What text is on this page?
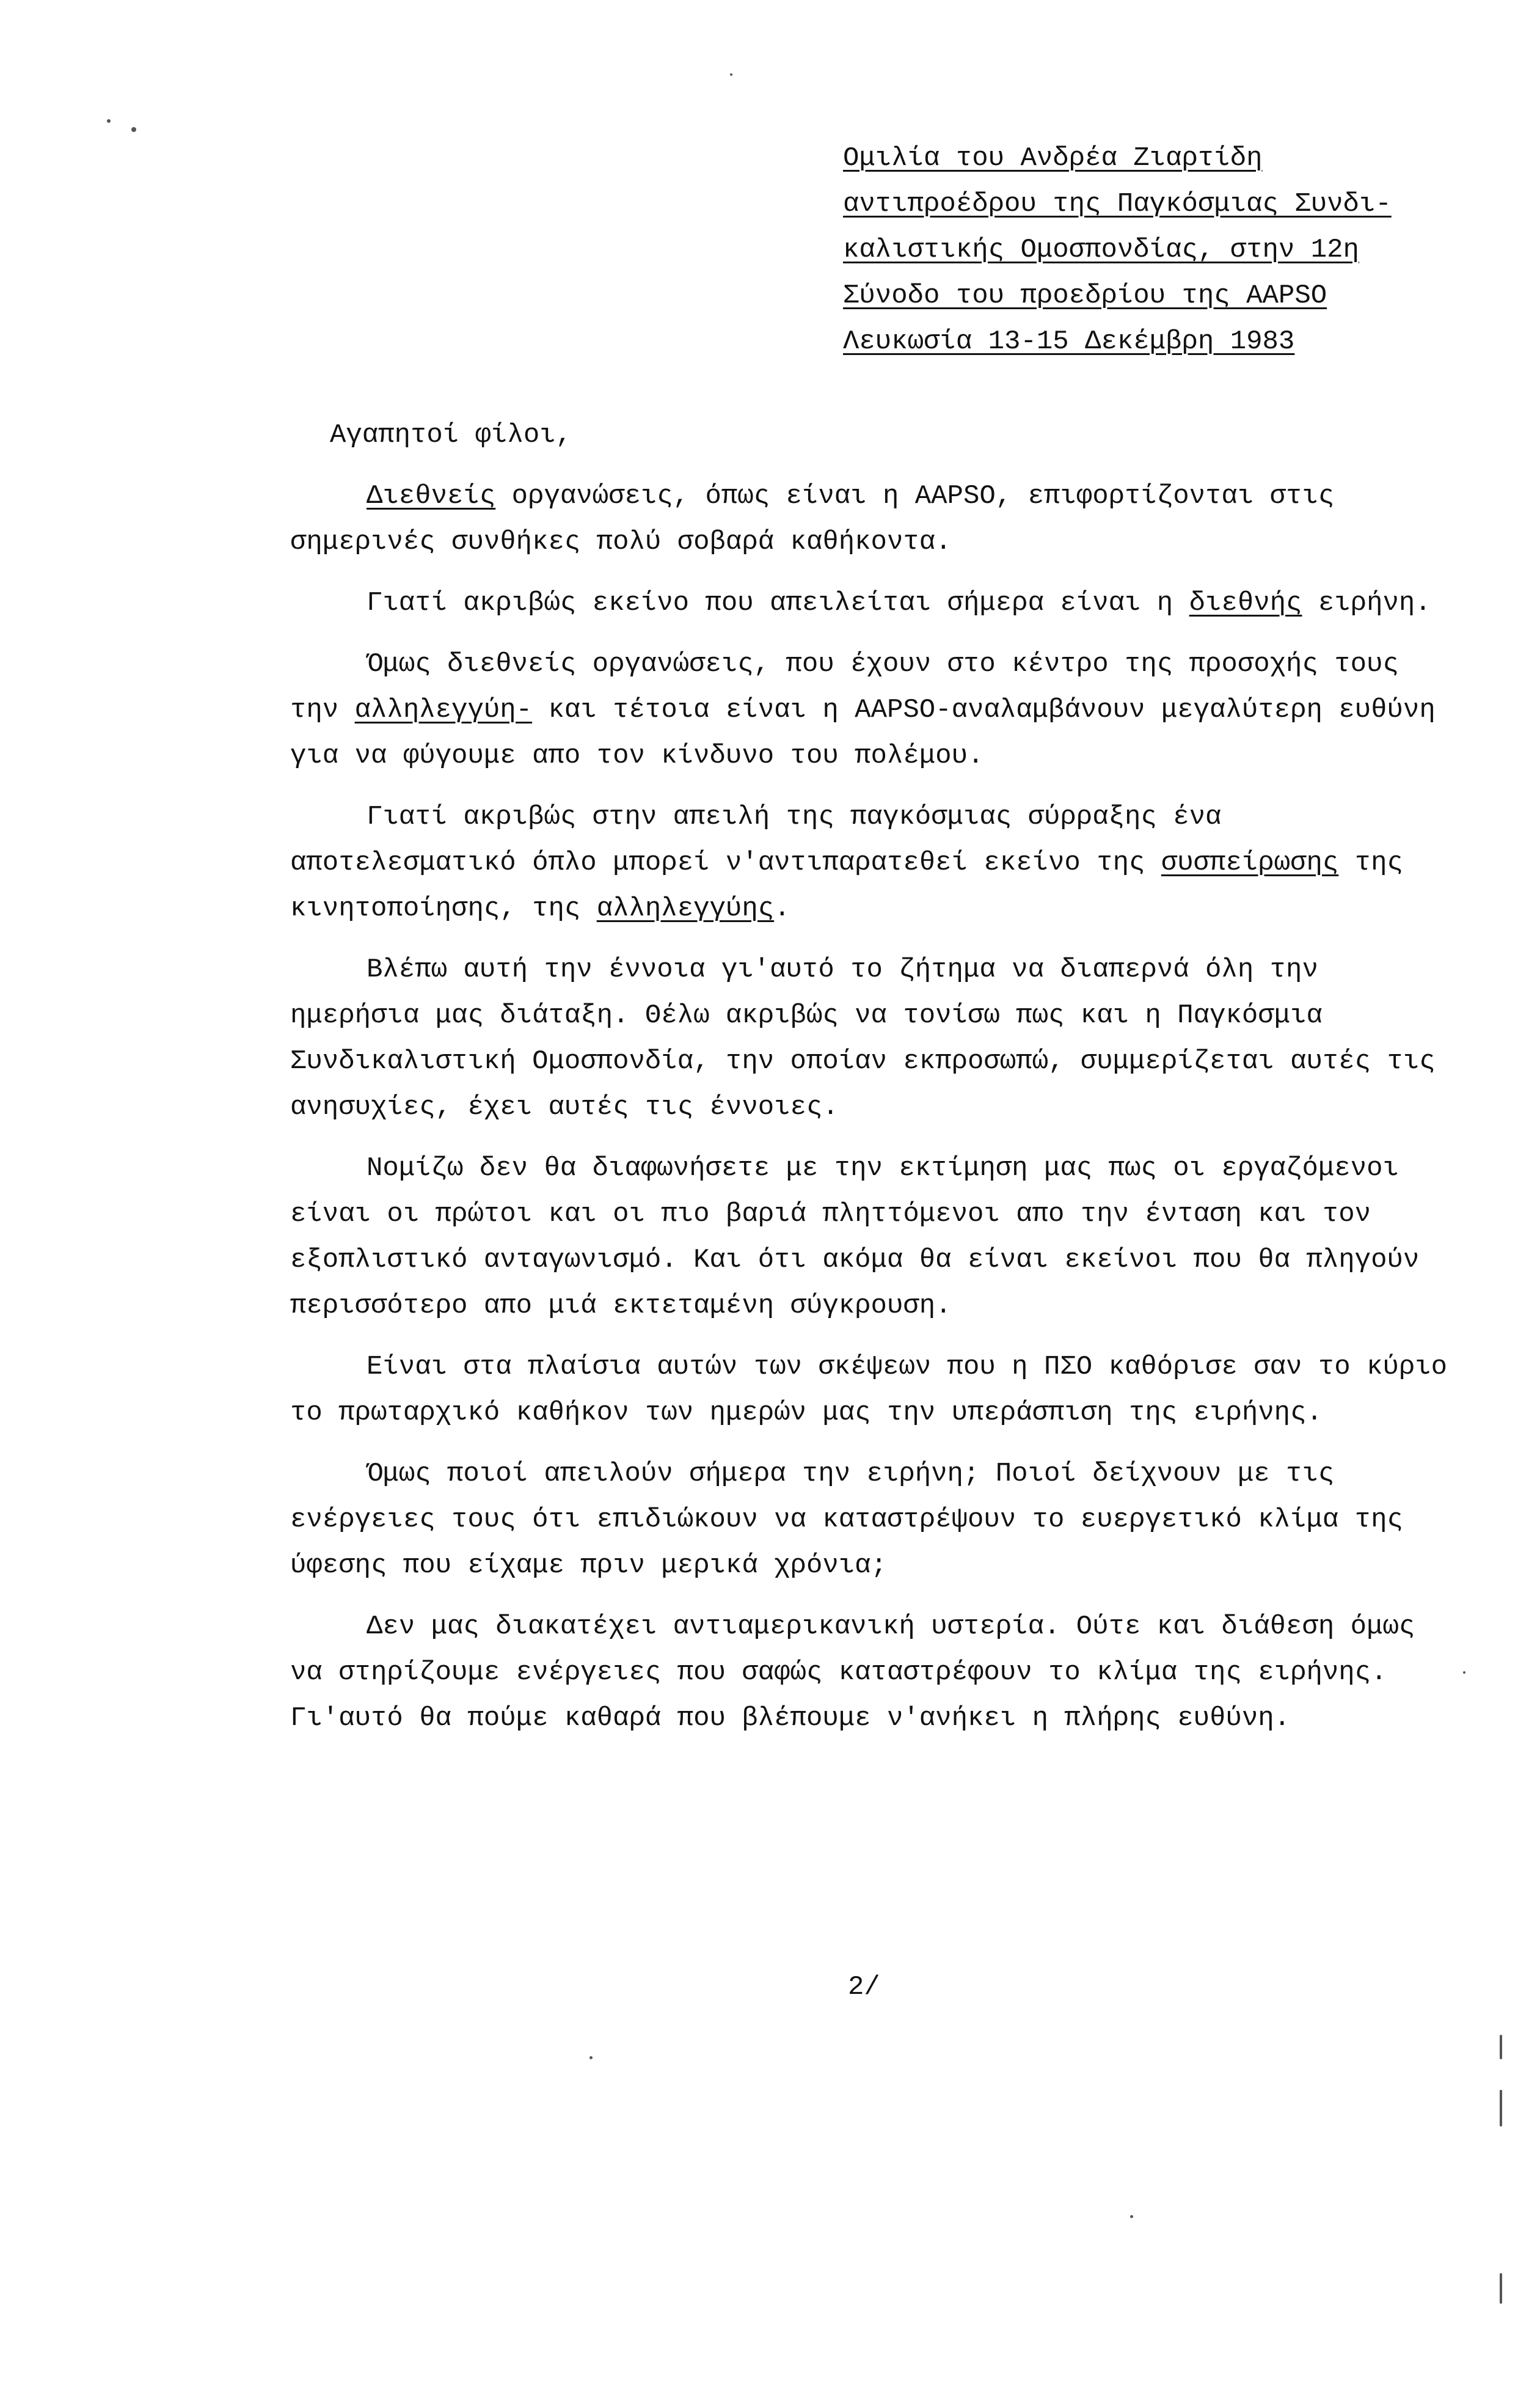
Ομιλία του Ανδρέα Ζιαρτίδη
αντιπροέδρου της Παγκόσμιας Συνδι-
καλιστικής Ομοσπονδίας, στην 12η
Σύνοδο του προεδρίου της AAPSO
Λευκωσία 13-15 Δεκέμβρη 1983
Αγαπητοί φίλοι,

Διεθνείς οργανώσεις, όπως είναι η AAPSO, επιφορτίζονται στις σημερινές συνθήκες πολύ σοβαρά καθήκοντα.

Γιατί ακριβώς εκείνο που απειλείται σήμερα είναι η διεθνής ειρήνη.

Όμως διεθνείς οργανώσεις, που έχουν στο κέντρο της προσοχής τους την αλληλεγγύη- και τέτοια είναι η AAPSO-αναλαμβάνουν μεγαλύτερη ευθύνη για να φύγουμε απο τον κίνδυνο του πολέμου.

Γιατί ακριβώς στην απειλή της παγκόσμιας σύρραξης ένα αποτελεσματικό όπλο μπορεί ν'αντιπαρατεθεί εκείνο της συσπείρωσης της κινητοποίησης, της αλληλεγγύης.

Βλέπω αυτή την έννοια γι'αυτό το ζήτημα να διαπερνά όλη την ημερήσια μας διάταξη. Θέλω ακριβώς να τονίσω πως και η Παγκόσμια Συνδικαλιστική Ομοσπονδία, την οποίαν εκπροσωπώ, συμμερίζεται αυτές τις ανησυχίες, έχει αυτές τις έννοιες.

Νομίζω δεν θα διαφωνήσετε με την εκτίμηση μας πως οι εργαζόμενοι είναι οι πρώτοι και οι πιο βαριά πληττόμενοι απο την ένταση και τον εξοπλιστικό ανταγωνισμό. Και ότι ακόμα θα είναι εκείνοι που θα πληγούν περισσότερο απο μιά εκτεταμένη σύγκρουση.

Είναι στα πλαίσια αυτών των σκέψεων που η ΠΣΟ καθόρισε σαν το κύριο το πρωταρχικό καθήκον των ημερών μας την υπεράσπιση της ειρήνης.

Όμως ποιοί απειλούν σήμερα την ειρήνη; Ποιοί δείχνουν με τις ενέργειες τους ότι επιδιώκουν να καταστρέψουν το ευεργετικό κλίμα της ύφεσης που είχαμε πριν μερικά χρόνια;

Δεν μας διακατέχει αντιαμερικανική υστερία. Ούτε και διάθεση όμως να στηρίζουμε ενέργειες που σαφώς καταστρέφουν το κλίμα της ειρήνης. Γι'αυτό θα πούμε καθαρά που βλέπουμε ν'ανήκει η πλήρης ευθύνη.

2/
